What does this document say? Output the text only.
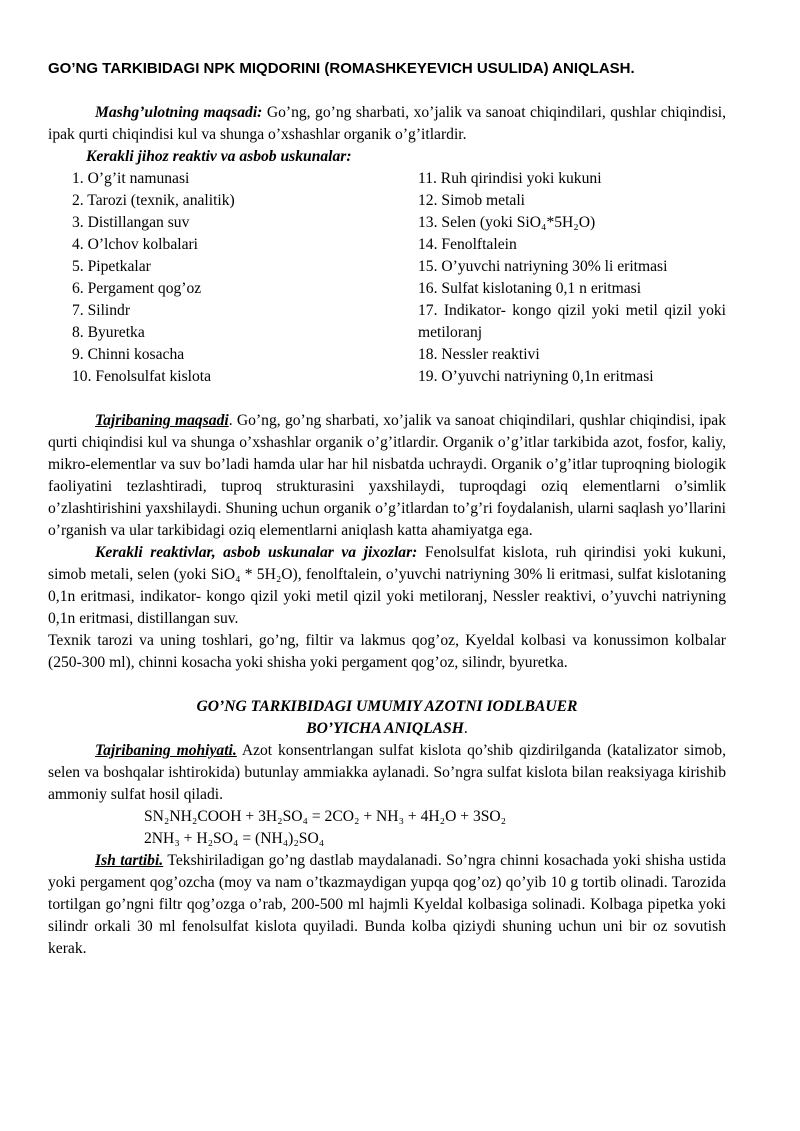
GO’NG TARKIBIDAGI NPK MIQDORINI (ROMASHKEYEVICH USULIDA) ANIQLASH.

Mashg’ulotning maqsadi: Go’ng, go’ng sharbati, xo’jalik va sanoat chiqindilari, qushlar chiqindisi, ipak qurti chiqindisi kul va shunga o’xshashlar organik o’g’itlardir.
Kerakli jihoz reaktiv va asbob uskunalar:
1. O’g’it namunasi
2. Tarozi (texnik, analitik)
3. Distillangan suv
4. O’lchov kolbalari
5. Pipetkalar
6. Pergament qog’oz
7. Silindr
8. Byuretka
9. Chinni kosacha
10. Fenolsulfat kislota
11. Ruh qirindisi yoki kukuni
12. Simob metali
13. Selen (yoki SiO₄*5H₂O)
14. Fenolftalein
15. O’yuvchi natriyning 30% li eritmasi
16. Sulfat kislotaning 0,1 n eritmasi
17. Indikator- kongo qizil yoki metil qizil yoki metiloranj
18. Nessler reaktivi
19. O’yuvchi natriyning 0,1n eritmasi
Tajribaning maqsadi. Go’ng, go’ng sharbati, xo’jalik va sanoat chiqindilari, qushlar chiqindisi, ipak qurti chiqindisi kul va shunga o’xshashlar organik o’g’itlardir. Organik o’g’itlar tarkibida azot, fosfor, kaliy, mikro-elementlar va suv bo’ladi hamda ular har hil nisbatda uchraydi. Organik o’g’itlar tuproqning biologik faoliyatini tezlashtiradi, tuproq strukturasini yaxshilaydi, tuproqdagi oziq elementlarni o’simlik o’zlashtirishini yaxshilaydi. Shuning uchun organik o’g’itlardan to’g’ri foydalanish, ularni saqlash yo’llarini o’rganish va ular tarkibidagi oziq elementlarni aniqlash katta ahamiyatga ega.
Kerakli reaktivlar, asbob uskunalar va jixozlar: Fenolsulfat kislota, ruh qirindisi yoki kukuni, simob metali, selen (yoki SiO₄ * 5H₂O), fenolftalein, o’yuvchi natriyning 30% li eritmasi, sulfat kislotaning 0,1n eritmasi, indikator- kongo qizil yoki metil qizil yoki metiloranj, Nessler reaktivi, o’yuvchi natriyning 0,1n eritmasi, distillangan suv.
Texnik tarozi va uning toshlari, go’ng, filtir va lakmus qog’oz, Kyeldal kolbasi va konussimon kolbalar (250-300 ml), chinni kosacha yoki shisha yoki pergament qog’oz, silindr, byuretka.
GO’NG TARKIBIDAGI UMUMIY AZOTNI IODLBAUER
BO’YICHA ANIQLASH.
Tajribaning mohiyati. Azot konsentrlangan sulfat kislota qo’shib qizdirilganda (katalizator simob, selen va boshqalar ishtirokida) butunlay ammiakka aylanadi. So’ngra sulfat kislota bilan reaksiyaga kirishib ammoniy sulfat hosil qiladi.
SN₂NH₂COOH + 3H₂SO₄ = 2CO₂ + NH₃ + 4H₂O + 3SO₂
2NH₃ + H₂SO₄ = (NH₄)₂SO₄
Ish tartibi. Tekshiriladigan go’ng dastlab maydalanadi. So’ngra chinni kosachada yoki shisha ustida yoki pergament qog’ozcha (moy va nam o’tkazmaydigan yupqa qog’oz) qo’yib 10 g tortib olinadi. Tarozida tortilgan go’ngni filtr qog’ozga o’rab, 200-500 ml hajmli Kyeldal kolbasiga solinadi. Kolbaga pipetka yoki silindr orkali 30 ml fenolsulfat kislota quyiladi. Bunda kolba qiziydi shuning uchun uni bir oz sovutish kerak.
